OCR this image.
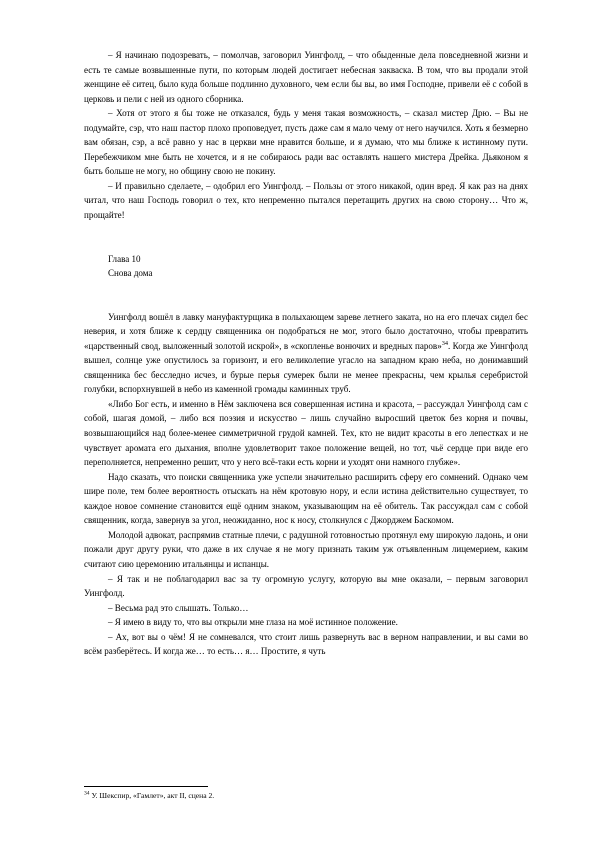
– Я начинаю подозревать, – помолчав, заговорил Уингфолд, – что обыденные дела повседневной жизни и есть те самые возвышенные пути, по которым людей достигает небесная закваска. В том, что вы продали этой женщине её ситец, было куда больше подлинно духовного, чем если бы вы, во имя Господне, привели её с собой в церковь и пели с ней из одного сборника.

– Хотя от этого я бы тоже не отказался, будь у меня такая возможность, – сказал мистер Дрю. – Вы не подумайте, сэр, что наш пастор плохо проповедует, пусть даже сам я мало чему от него научился. Хоть я безмерно вам обязан, сэр, а всё равно у нас в церкви мне нравится больше, и я думаю, что мы ближе к истинному пути. Перебежчиком мне быть не хочется, и я не собираюсь ради вас оставлять нашего мистера Дрейка. Дьяконом я быть больше не могу, но общину свою не покину.

– И правильно сделаете, – одобрил его Уингфолд. – Пользы от этого никакой, один вред. Я как раз на днях читал, что наш Господь говорил о тех, кто непременно пытался перетащить других на свою сторону… Что ж, прощайте!

Глава 10

Снова дома

Уингфолд вошёл в лавку мануфактурщика в полыхающем зареве летнего заката, но на его плечах сидел бес неверия, и хотя ближе к сердцу священника он подобраться не мог, этого было достаточно, чтобы превратить «царственный свод, выложенный золотой искрой», в «скопленье вонючих и вредных паров»$^{34}$. Когда же Уингфолд вышел, солнце уже опустилось за горизонт, и его великолепие угасло на западном краю неба, но донимавший священника бес бесследно исчез, и бурые перья сумерек были не менее прекрасны, чем крылья серебристой голубки, вспорхнувшей в небо из каменной громады каминных труб.

«Либо Бог есть, и именно в Нём заключена вся совершенная истина и красота, – рассуждал Уингфолд сам с собой, шагая домой, – либо вся поэзия и искусство – лишь случайно выросший цветок без корня и почвы, возвышающийся над более-менее симметричной грудой камней. Тех, кто не видит красоты в его лепестках и не чувствует аромата его дыхания, вполне удовлетворит такое положение вещей, но тот, чьё сердце при виде его переполняется, непременно решит, что у него всё-таки есть корни и уходят они намного глубже».

Надо сказать, что поиски священника уже успели значительно расширить сферу его сомнений. Однако чем шире поле, тем более вероятность отыскать на нём кротовую нору, и если истина действительно существует, то каждое новое сомнение становится ещё одним знаком, указывающим на её обитель. Так рассуждал сам с собой священник, когда, завернув за угол, неожиданно, нос к носу, столкнулся с Джорджем Баскомом.

Молодой адвокат, распрямив статные плечи, с радушной готовностью протянул ему широкую ладонь, и они пожали друг другу руки, что даже в их случае я не могу признать таким уж отъявленным лицемерием, каким считают сию церемонию итальянцы и испанцы.

– Я так и не поблагодарил вас за ту огромную услугу, которую вы мне оказали, – первым заговорил Уингфолд.

– Весьма рад это слышать. Только…

– Я имею в виду то, что вы открыли мне глаза на моё истинное положение.

– Ах, вот вы о чём! Я не сомневался, что стоит лишь развернуть вас в верном направлении, и вы сами во всём разберётесь. И когда же… то есть… я… Простите, я чуть

$^{34}$ У. Шекспир, «Гамлет», акт II, сцена 2.
